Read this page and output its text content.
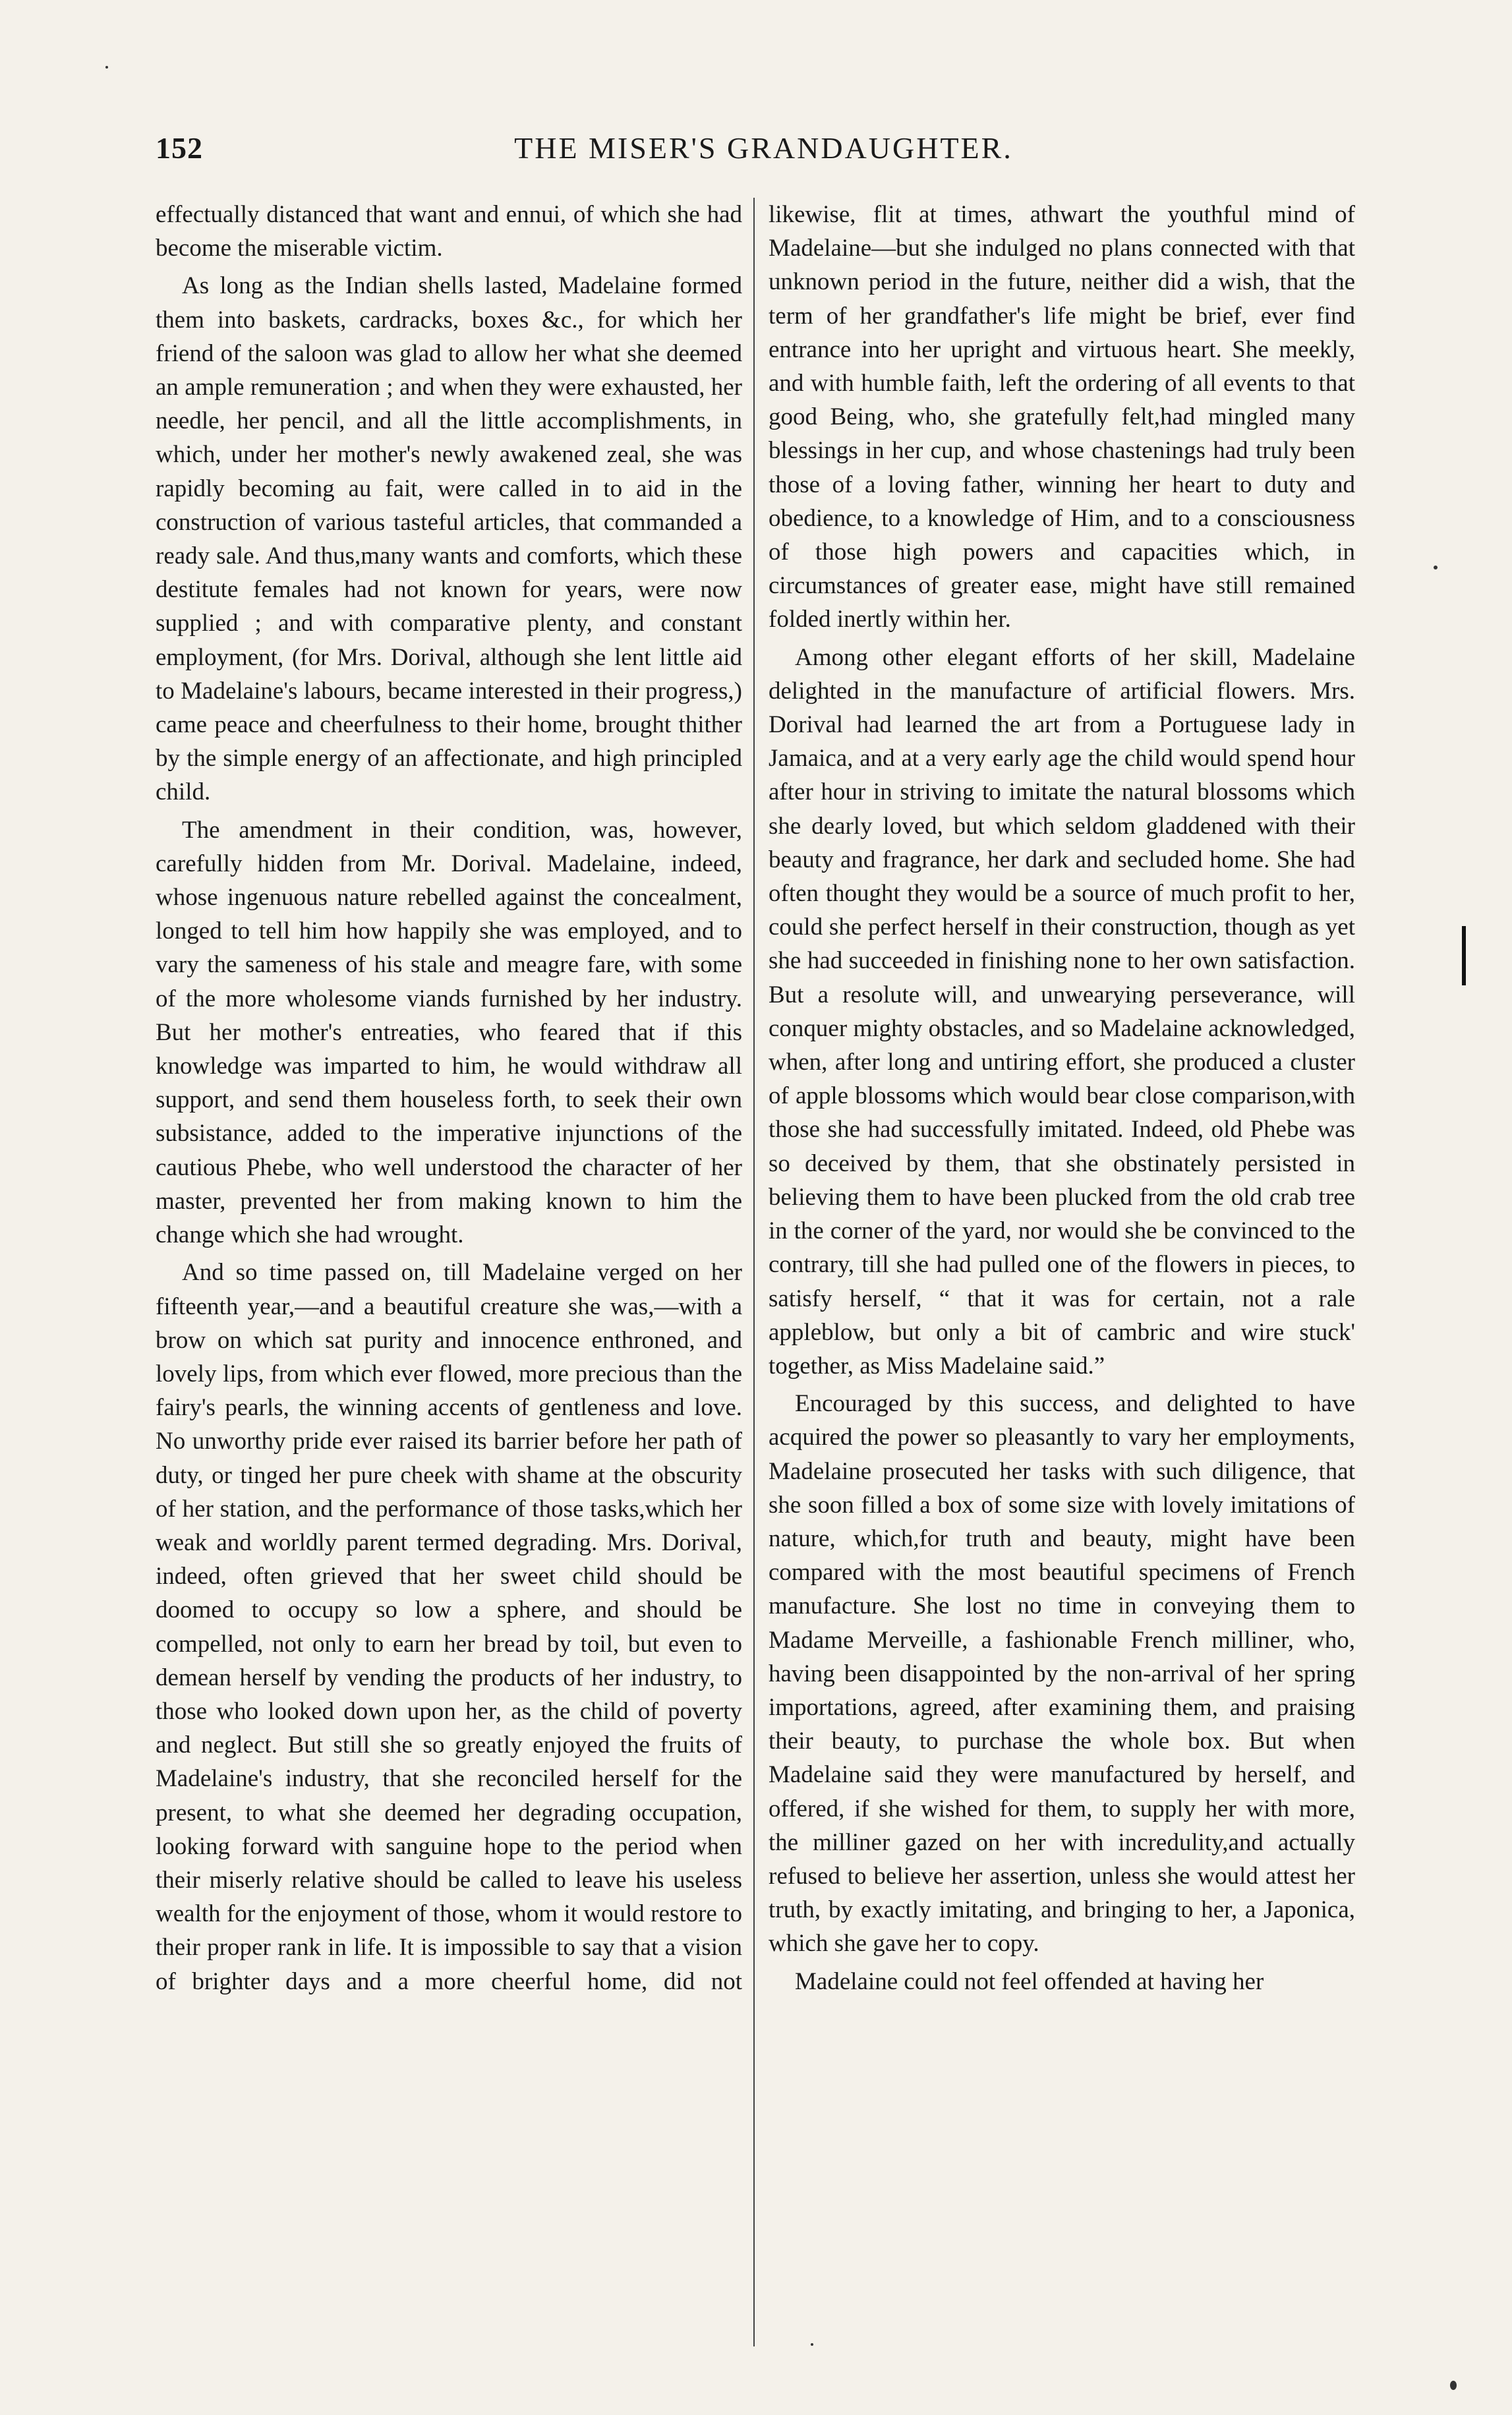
152	THE MISER'S GRANDAUGHTER.

effectually distanced that want and ennui, of which she had become the miserable victim.

As long as the Indian shells lasted, Madelaine formed them into baskets, cardracks, boxes &c., for which her friend of the saloon was glad to allow her what she deemed an ample remuneration ; and when they were exhausted, her needle, her pencil, and all the little accomplishments, in which, under her mother's newly awakened zeal, she was rapidly becoming au fait, were called in to aid in the construction of various tasteful articles, that commanded a ready sale. And thus,many wants and comforts, which these destitute females had not known for years, were now supplied ; and with comparative plenty, and constant employment, (for Mrs. Dorival, although she lent little aid to Madelaine's labours, became interested in their progress,) came peace and cheerfulness to their home, brought thither by the simple energy of an affectionate, and high principled child.

The amendment in their condition, was, however, carefully hidden from Mr. Dorival. Madelaine, indeed, whose ingenuous nature rebelled against the concealment, longed to tell him how happily she was employed, and to vary the sameness of his stale and meagre fare, with some of the more wholesome viands furnished by her industry. But her mother's entreaties, who feared that if this knowledge was imparted to him, he would withdraw all support, and send them houseless forth, to seek their own subsistance, added to the imperative injunctions of the cautious Phebe, who well understood the character of her master, prevented her from making known to him the change which she had wrought.

And so time passed on, till Madelaine verged on her fifteenth year,—and a beautiful creature she was,—with a brow on which sat purity and innocence enthroned, and lovely lips, from which ever flowed, more precious than the fairy's pearls, the winning accents of gentleness and love. No unworthy pride ever raised its barrier before her path of duty, or tinged her pure cheek with shame at the obscurity of her station, and the performance of those tasks,which her weak and worldly parent termed degrading. Mrs. Dorival, indeed, often grieved that her sweet child should be doomed to occupy so low a sphere, and should be compelled, not only to earn her bread by toil, but even to demean herself by vending the products of her industry, to those who looked down upon her, as the child of poverty and neglect. But still she so greatly enjoyed the fruits of Madelaine's industry, that she reconciled herself for the present, to what she deemed her degrading occupation, looking forward with sanguine hope to the period when their miserly relative should be called to leave his useless wealth for the enjoyment of those, whom it would restore to their proper rank in life. It is impossible to say that a vision of brighter days and a more cheerful home, did not

likewise, flit at times, athwart the youthful mind of Madelaine—but she indulged no plans connected with that unknown period in the future, neither did a wish, that the term of her grandfather's life might be brief, ever find entrance into her upright and virtuous heart. She meekly, and with humble faith, left the ordering of all events to that good Being, who, she gratefully felt,had mingled many blessings in her cup, and whose chastenings had truly been those of a loving father, winning her heart to duty and obedience, to a knowledge of Him, and to a consciousness of those high powers and capacities which, in circumstances of greater ease, might have still remained folded inertly within her.

Among other elegant efforts of her skill, Madelaine delighted in the manufacture of artificial flowers. Mrs. Dorival had learned the art from a Portuguese lady in Jamaica, and at a very early age the child would spend hour after hour in striving to imitate the natural blossoms which she dearly loved, but which seldom gladdened with their beauty and fragrance, her dark and secluded home. She had often thought they would be a source of much profit to her, could she perfect herself in their construction, though as yet she had succeeded in finishing none to her own satisfaction. But a resolute will, and unwearying perseverance, will conquer mighty obstacles, and so Madelaine acknowledged, when, after long and untiring effort, she produced a cluster of apple blossoms which would bear close comparison,with those she had successfully imitated. Indeed, old Phebe was so deceived by them, that she obstinately persisted in believing them to have been plucked from the old crab tree in the corner of the yard, nor would she be convinced to the contrary, till she had pulled one of the flowers in pieces, to satisfy herself, “ that it was for certain, not a rale appleblow, but only a bit of cambric and wire stuck' together, as Miss Madelaine said.”

Encouraged by this success, and delighted to have acquired the power so pleasantly to vary her employments, Madelaine prosecuted her tasks with such diligence, that she soon filled a box of some size with lovely imitations of nature, which,for truth and beauty, might have been compared with the most beautiful specimens of French manufacture. She lost no time in conveying them to Madame Merveille, a fashionable French milliner, who, having been disappointed by the non-arrival of her spring importations, agreed, after examining them, and praising their beauty, to purchase the whole box. But when Madelaine said they were manufactured by herself, and offered, if she wished for them, to supply her with more, the milliner gazed on her with incredulity,and actually refused to believe her assertion, unless she would attest her truth, by exactly imitating, and bringing to her, a Japonica, which she gave her to copy.

Madelaine could not feel offended at having her
